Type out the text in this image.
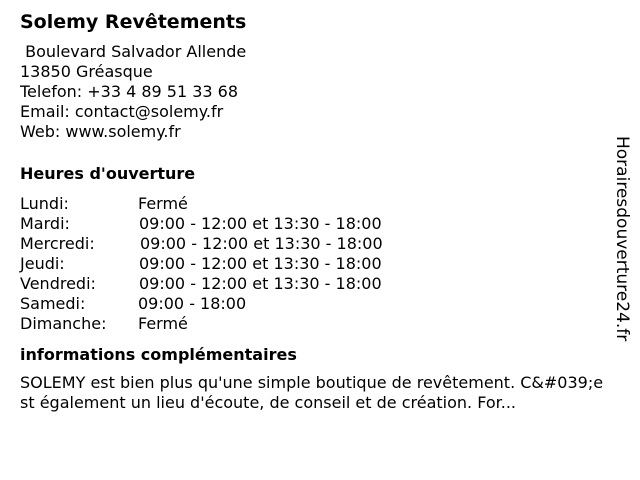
Solemy Revêtements
Boulevard Salvador Allende
13850 Gréasque
Telefon: +33 4 89 51 33 68
Email: contact@solemy.fr
Web: www.solemy.fr
Heures d'ouverture
Lundi:	Fermé
Mardi:	09:00 - 12:00 et 13:30 - 18:00
Mercredi:	09:00 - 12:00 et 13:30 - 18:00
Jeudi:	09:00 - 12:00 et 13:30 - 18:00
Vendredi:	09:00 - 12:00 et 13:30 - 18:00
Samedi:	09:00 - 18:00
Dimanche: Fermé
informations complémentaires
SOLEMY est bien plus qu'une simple boutique de revêtement. C&#039;est également un lieu d'écoute, de conseil et de création. For...
Horairesdouverture24.fr
